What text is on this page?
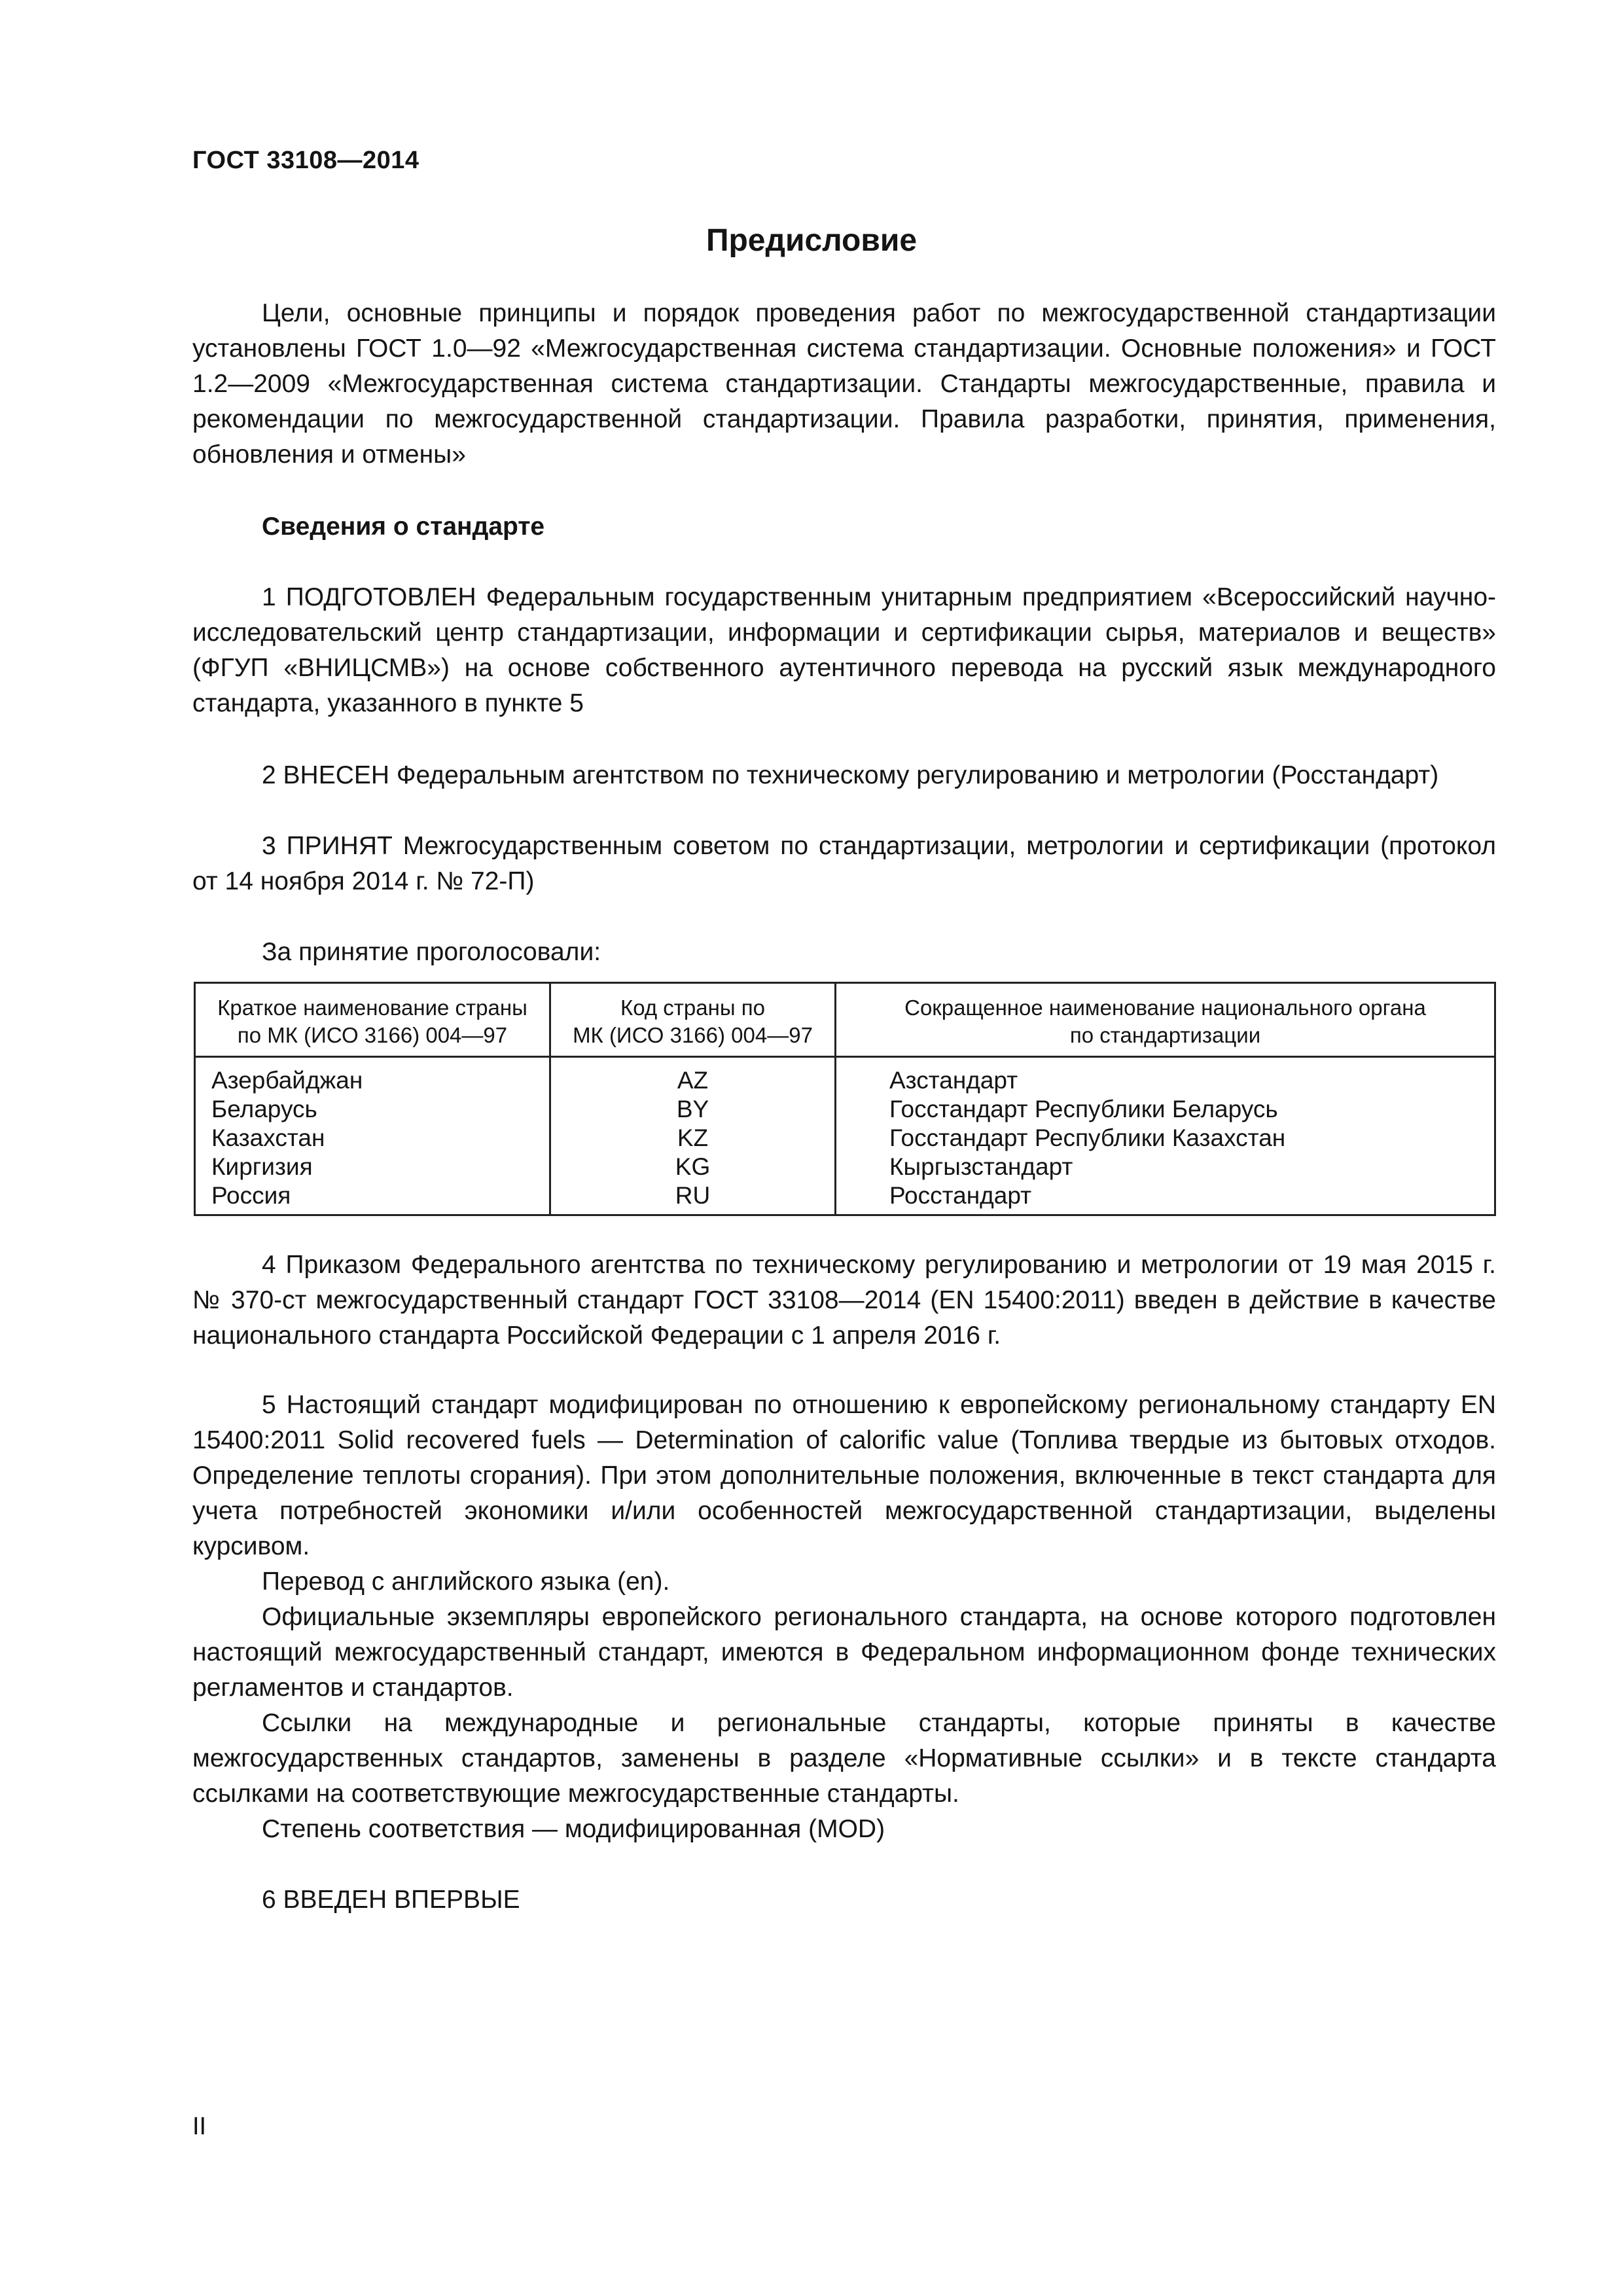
ГОСТ 33108—2014
Предисловие

Цели, основные принципы и порядок проведения работ по межгосударственной стандартизации установлены ГОСТ 1.0—92 «Межгосударственная система стандартизации. Основные положения» и ГОСТ 1.2—2009 «Межгосударственная система стандартизации. Стандарты межгосударственные, правила и рекомендации по межгосударственной стандартизации. Правила разработки, принятия, применения, обновления и отмены»

Сведения о стандарте

1 ПОДГОТОВЛЕН Федеральным государственным унитарным предприятием «Всероссийский научно-исследовательский центр стандартизации, информации и сертификации сырья, материалов и веществ» (ФГУП «ВНИЦСМВ») на основе собственного аутентичного перевода на русский язык международного стандарта, указанного в пункте 5

2 ВНЕСЕН Федеральным агентством по техническому регулированию и метрологии (Росстандарт)

3 ПРИНЯТ Межгосударственным советом по стандартизации, метрологии и сертификации (протокол от 14 ноября 2014 г. № 72-П)

За принятие проголосовали:

Краткое наименование страны
по МК (ИСО 3166) 004—97
Код страны по
МК (ИСО 3166) 004—97
Сокращенное наименование национального органа
по стандартизации
Азербайджан
Беларусь
Казахстан
Киргизия
Россия
AZ
BY
KZ
KG
RU
Азстандарт
Госстандарт Республики Беларусь
Госстандарт Республики Казахстан
Кыргызстандарт
Росстандарт

4 Приказом Федерального агентства по техническому регулированию и метрологии от 19 мая 2015 г. № 370-ст межгосударственный стандарт ГОСТ 33108—2014 (EN 15400:2011) введен в действие в качестве национального стандарта Российской Федерации с 1 апреля 2016 г.

5 Настоящий стандарт модифицирован по отношению к европейскому региональному стандарту EN 15400:2011 Solid recovered fuels — Determination of calorific value (Топлива твердые из бытовых отходов. Определение теплоты сгорания). При этом дополнительные положения, включенные в текст стандарта для учета потребностей экономики и/или особенностей межгосударственной стандартизации, выделены курсивом.

Перевод с английского языка (en).

Официальные экземпляры европейского регионального стандарта, на основе которого подготовлен настоящий межгосударственный стандарт, имеются в Федеральном информационном фонде технических регламентов и стандартов.

Ссылки на международные и региональные стандарты, которые приняты в качестве межгосударственных стандартов, заменены в разделе «Нормативные ссылки» и в тексте стандарта ссылками на соответствующие межгосударственные стандарты.

Степень соответствия — модифицированная (MOD)

6 ВВЕДЕН ВПЕРВЫЕ

II
